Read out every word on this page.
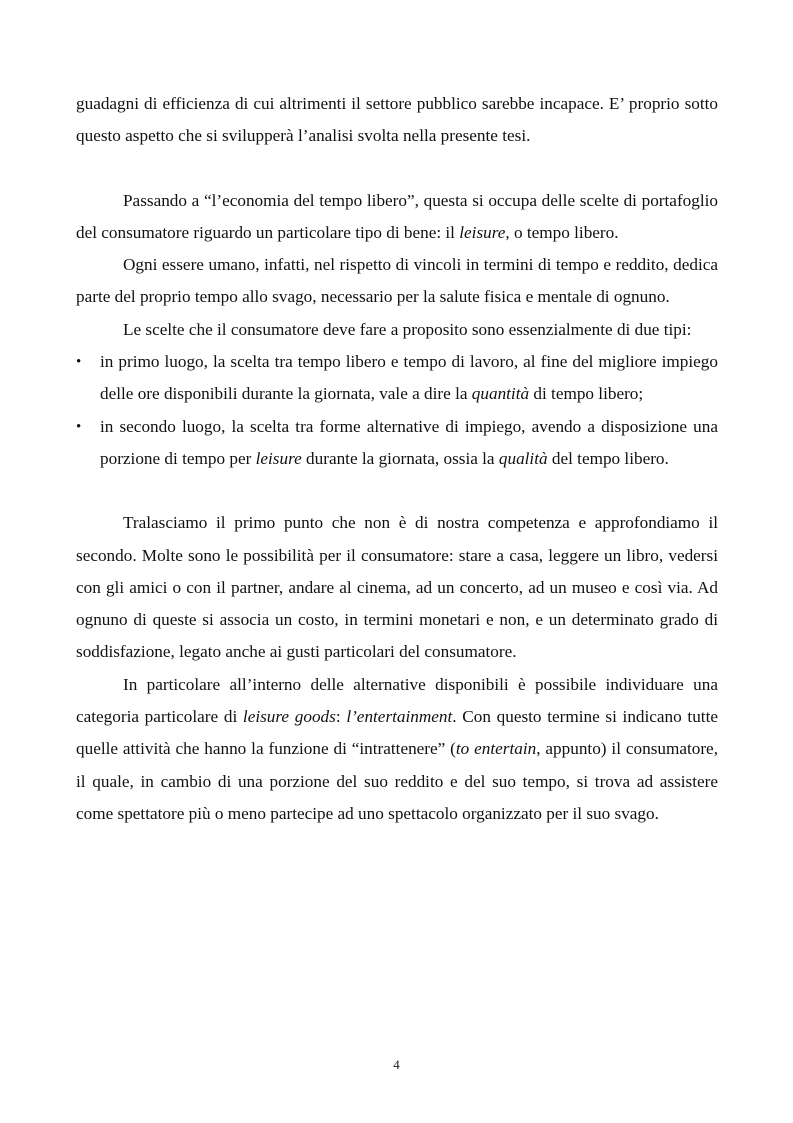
guadagni di efficienza di cui altrimenti il settore pubblico sarebbe incapace. E’ proprio sotto questo aspetto che si svilupperà l’analisi svolta nella presente tesi.

Passando a “l’economia del tempo libero”, questa si occupa delle scelte di portafoglio del consumatore riguardo un particolare tipo di bene: il leisure, o tempo libero.

Ogni essere umano, infatti, nel rispetto di vincoli in termini di tempo e reddito, dedica parte del proprio tempo allo svago, necessario per la salute fisica e mentale di ognuno.

Le scelte che il consumatore deve fare a proposito sono essenzialmente di due tipi:

• in primo luogo, la scelta tra tempo libero e tempo di lavoro, al fine del migliore impiego delle ore disponibili durante la giornata, vale a dire la quantità di tempo libero;
• in secondo luogo, la scelta tra forme alternative di impiego, avendo a disposizione una porzione di tempo per leisure durante la giornata, ossia la qualità del tempo libero.

Tralasciamo il primo punto che non è di nostra competenza e approfondiamo il secondo. Molte sono le possibilità per il consumatore: stare a casa, leggere un libro, vedersi con gli amici o con il partner, andare al cinema, ad un concerto, ad un museo e così via. Ad ognuno di queste si associa un costo, in termini monetari e non, e un determinato grado di soddisfazione, legato anche ai gusti particolari del consumatore.

In particolare all’interno delle alternative disponibili è possibile individuare una categoria particolare di leisure goods: l’entertainment. Con questo termine si indicano tutte quelle attività che hanno la funzione di “intrattenere” (to entertain, appunto) il consumatore, il quale, in cambio di una porzione del suo reddito e del suo tempo, si trova ad assistere come spettatore più o meno partecipe ad uno spettacolo organizzato per il suo svago.

4
